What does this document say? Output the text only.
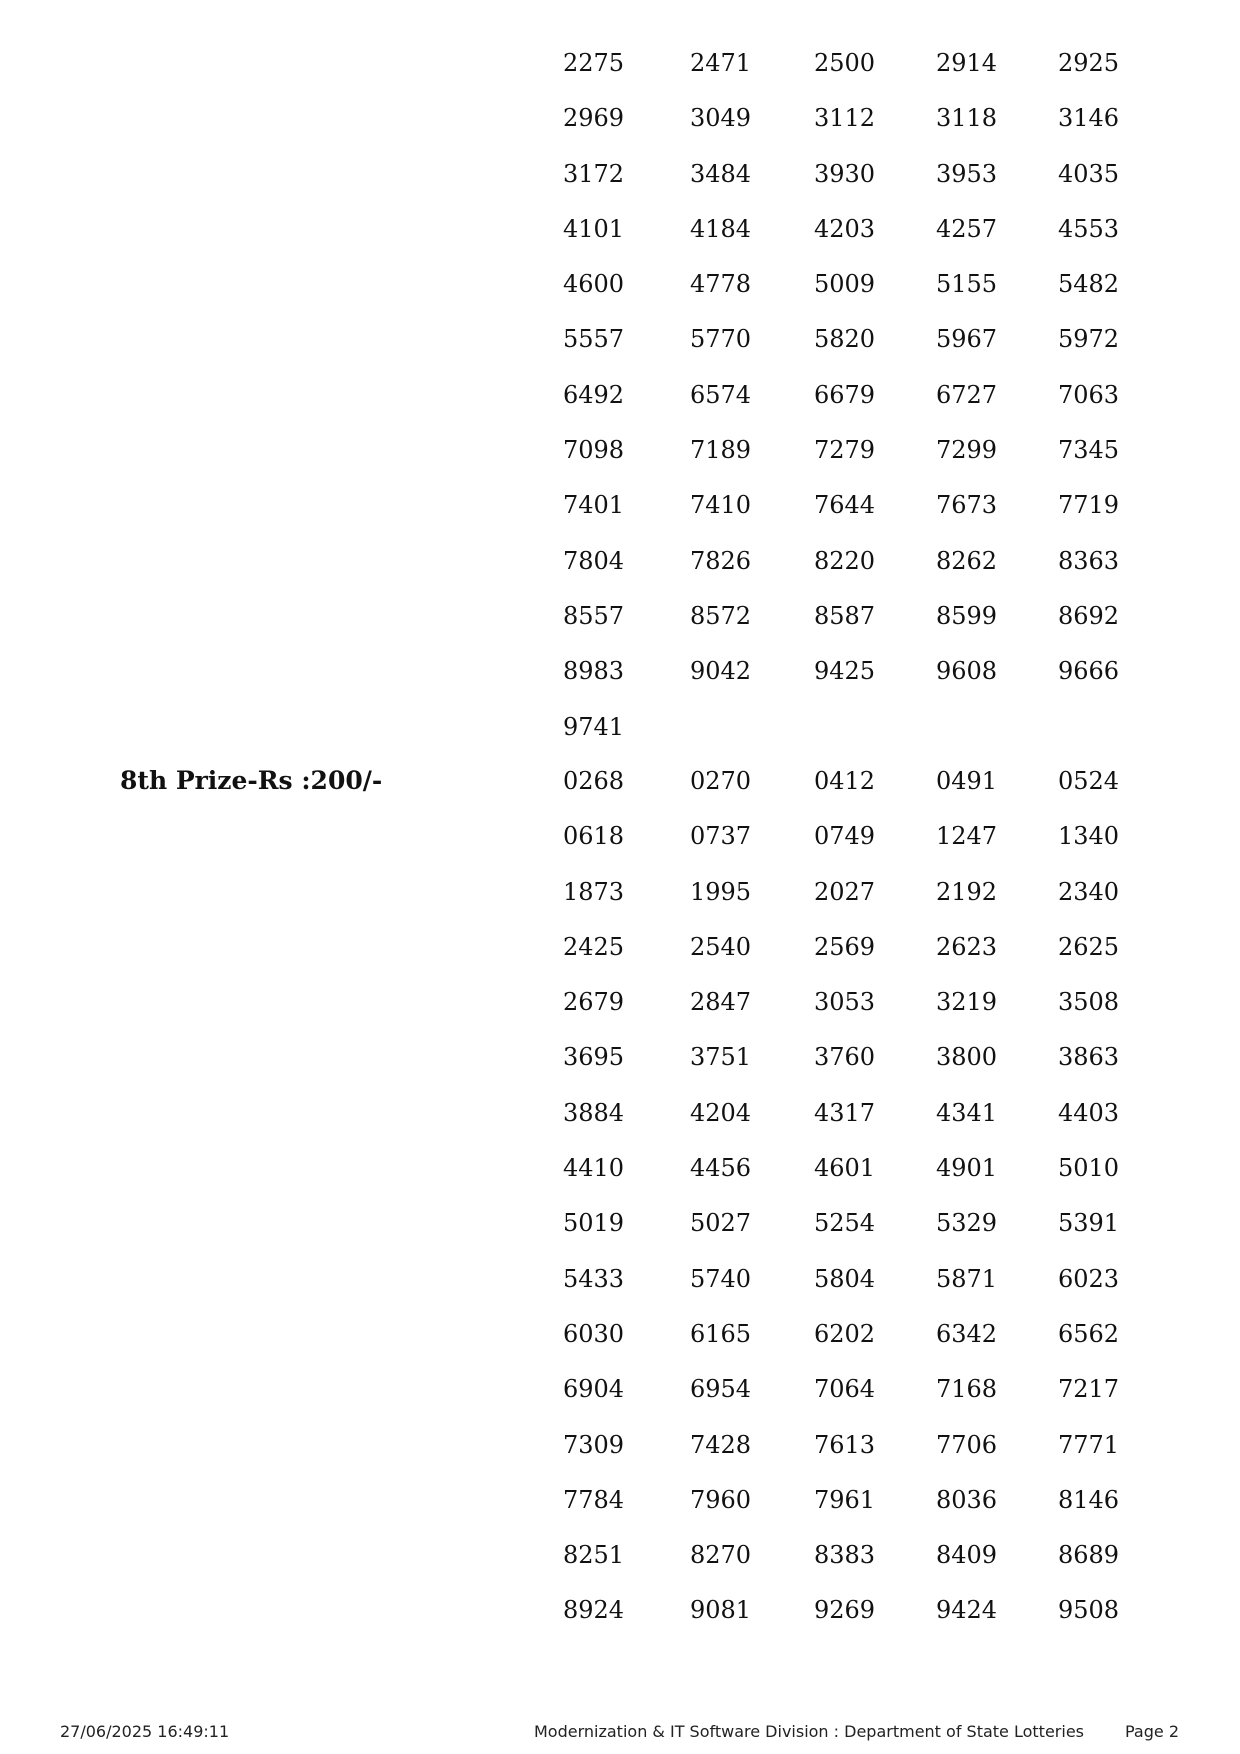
2275	2471	2500	2914	2925
2969	3049	3112	3118	3146
3172	3484	3930	3953	4035
4101	4184	4203	4257	4553
4600	4778	5009	5155	5482
5557	5770	5820	5967	5972
6492	6574	6679	6727	7063
7098	7189	7279	7299	7345
7401	7410	7644	7673	7719
7804	7826	8220	8262	8363
8557	8572	8587	8599	8692
8983	9042	9425	9608	9666
9741
8th Prize-Rs :200/-	0268	0270	0412	0491	0524
0618	0737	0749	1247	1340
1873	1995	2027	2192	2340
2425	2540	2569	2623	2625
2679	2847	3053	3219	3508
3695	3751	3760	3800	3863
3884	4204	4317	4341	4403
4410	4456	4601	4901	5010
5019	5027	5254	5329	5391
5433	5740	5804	5871	6023
6030	6165	6202	6342	6562
6904	6954	7064	7168	7217
7309	7428	7613	7706	7771
7784	7960	7961	8036	8146
8251	8270	8383	8409	8689
8924	9081	9269	9424	9508
27/06/2025 16:49:11	Modernization & IT Software Division : Department of State Lotteries	Page 2
